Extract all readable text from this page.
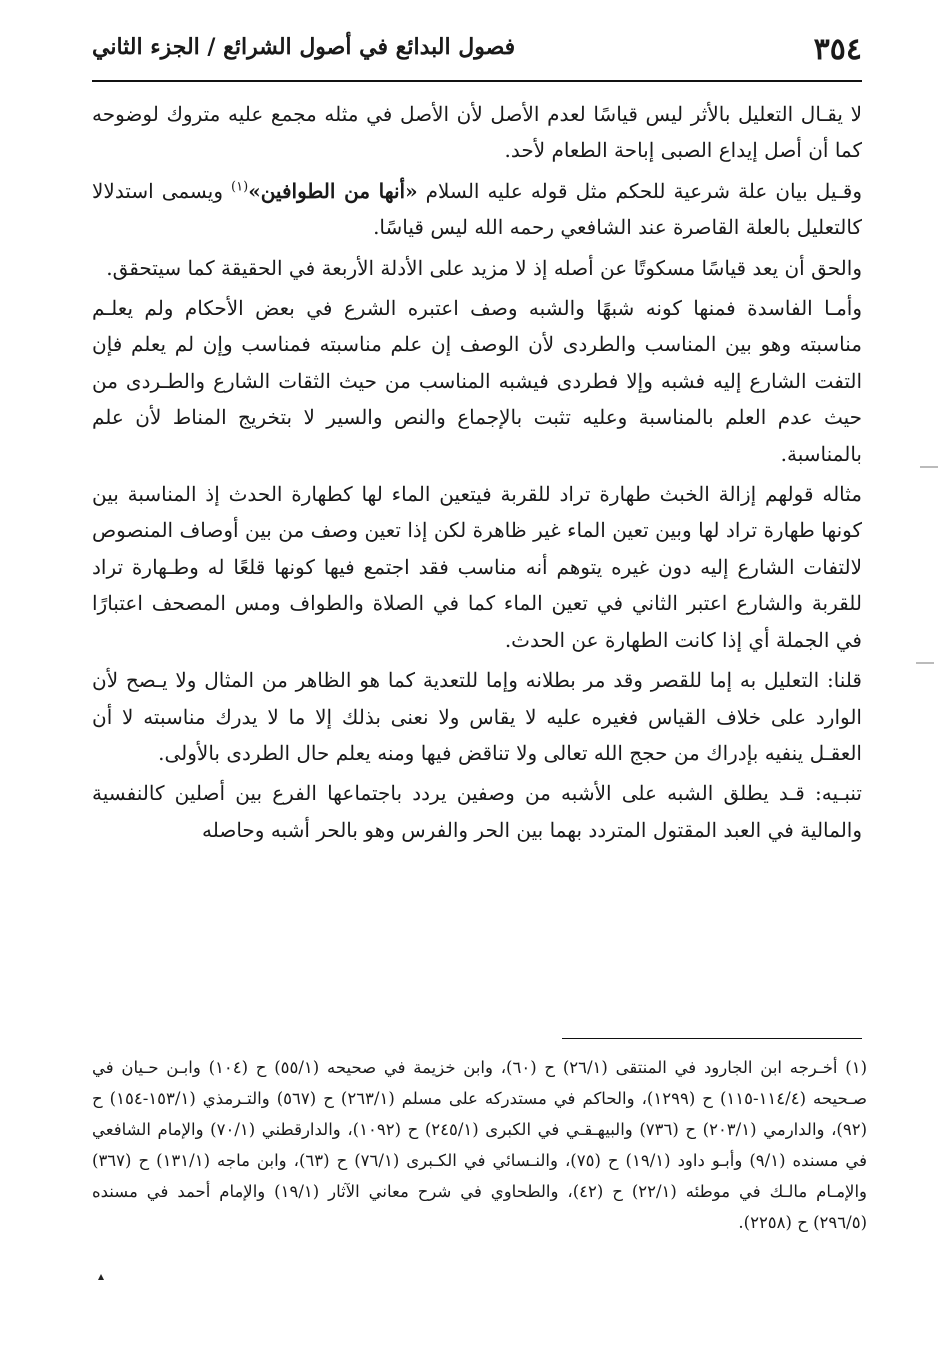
٣٥٤
فصول البدائع في أصول الشرائع / الجزء الثاني

لا يقـال التعليل بالأثر ليس قياسًا لعدم الأصل لأن الأصل في مثله مجمع عليه متروك لوضوحه كما أن أصل إيداع الصبى إباحة الطعام لأحد.

وقـيل بيان علة شرعية للحكم مثل قوله عليه السلام «أنها من الطوافين»$^{(١)}$ ويسمى استدلالا كالتعليل بالعلة القاصرة عند الشافعي رحمه الله ليس قياسًا.

والحق أن يعد قياسًا مسكوتًا عن أصله إذ لا مزيد على الأدلة الأربعة في الحقيقة كما سيتحقق.

وأمـا الفاسدة فمنها كونه شبهًا والشبه وصف اعتبره الشرع في بعض الأحكام ولم يعلـم مناسبته وهو بين المناسب والطردى لأن الوصف إن علم مناسبته فمناسب وإن لم يعلم فإن التفت الشارع إليه فشبه وإلا فطردى فيشبه المناسب من حيث الثقات الشارع والطـردى من حيث عدم العلم بالمناسبة وعليه تثبت بالإجماع والنص والسير لا بتخريج المناط لأن علم بالمناسبة.

مثاله قولهم إزالة الخبث طهارة تراد للقربة فيتعين الماء لها كطهارة الحدث إذ المناسبة بين كونها طهارة تراد لها وبين تعين الماء غير ظاهرة لكن إذا تعين وصف من بين أوصاف المنصوص لالتفات الشارع إليه دون غيره يتوهم أنه مناسب فقد اجتمع فيها كونها قلعًا له وطـهارة تراد للقربة والشارع اعتبر الثاني في تعين الماء كما في الصلاة والطواف ومس المصحف اعتبارًا في الجملة أي إذا كانت الطهارة عن الحدث.

قلنا: التعليل به إما للقصر وقد مر بطلانه وإما للتعدية كما هو الظاهر من المثال ولا يـصح لأن الوارد على خلاف القياس فغيره عليه لا يقاس ولا نعنى بذلك إلا ما لا يدرك مناسبته لا أن العقـل ينفيه بإدراك من حجج الله تعالى ولا تناقض فيها ومنه يعلم حال الطردى بالأولى.

تنبـيه: قـد يطلق الشبه على الأشبه من وصفين يردد باجتماعها الفرع بين أصلين كالنفسية والمالية في العبد المقتول المتردد بهما بين الحر والفرس وهو بالحر أشبه وحاصله

(١) أخـرجه ابن الجارود في المنتقى (٢٦/١) ح (٦٠)، وابن خزيمة في صحيحه (٥٥/١) ح (١٠٤) وابـن حـيان في صـحيحه (١١٤/٤-١١٥) ح (١٢٩٩)، والحاكم في مستدركه على مسلم (٢٦٣/١) ح (٥٦٧) والتـرمذي (١٥٣/١-١٥٤) ح (٩٢)، والدارمي (٢٠٣/١) ح (٧٣٦) والبيهـقـي في الكبرى (٢٤٥/١) ح (١٠٩٢)، والدارقطني (٧٠/١) والإمام الشافعي في مسنده (٩/١) وأبـو داود (١٩/١) ح (٧٥)، والنـسائي في الكـبرى (٧٦/١) ح (٦٣)، وابن ماجه (١٣١/١) ح (٣٦٧) والإمـام مالـك في موطئه (٢٢/١) ح (٤٢)، والطحاوي في شرح معاني الآثار (١٩/١) والإمام أحمد في مسنده (٢٩٦/٥) ح (٢٢٥٨).
